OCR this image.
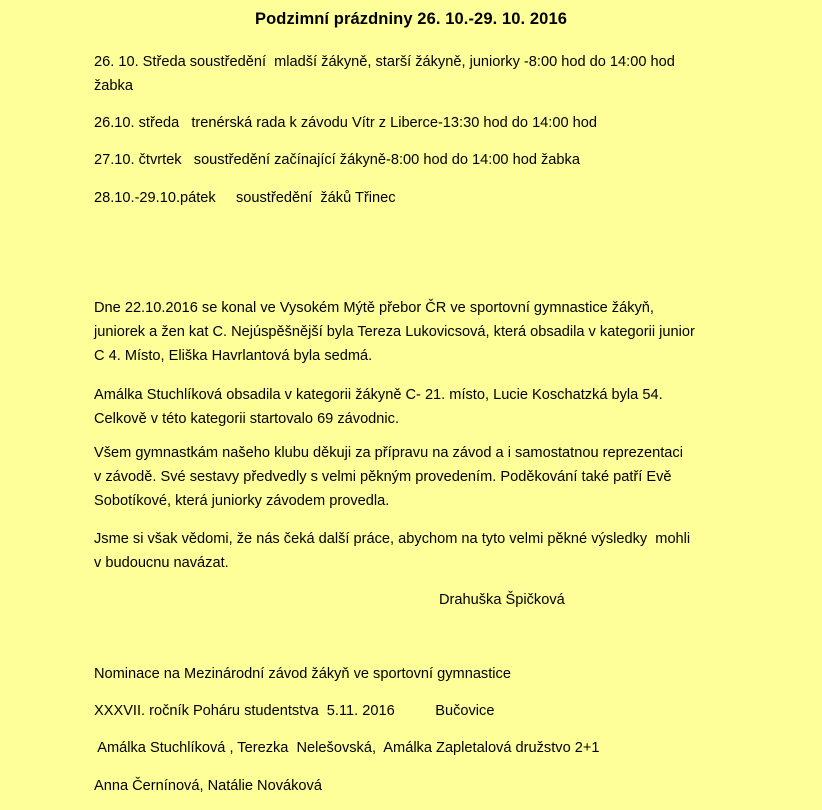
Podzimní prázdniny 26. 10.-29. 10. 2016

26. 10. Středa soustředění  mladší žákyně, starší žákyně, juniorky -8:00 hod do 14:00 hod
žabka

26.10. středa   trenérská rada k závodu Vítr z Liberce-13:30 hod do 14:00 hod

27.10. čtvrtek   soustředění začínající žákyně-8:00 hod do 14:00 hod žabka

28.10.-29.10.pátek     soustředění  žáků Třinec

Dne 22.10.2016 se konal ve Vysokém Mýtě přebor ČR ve sportovní gymnastice žákyň,
juniorek a žen kat C. Nejúspěšnější byla Tereza Lukovicsová, která obsadila v kategorii junior
C 4. Místo, Eliška Havrlantová byla sedmá.

Amálka Stuchlíková obsadila v kategorii žákyně C- 21. místo, Lucie Koschatzká byla 54.
Celkově v této kategorii startovalo 69 závodnic.

Všem gymnastkám našeho klubu děkuji za přípravu na závod a i samostatnou reprezentaci
v závodě. Své sestavy předvedly s velmi pěkným provedením. Poděkování také patří Evě
Sobotíkové, která juniorky závodem provedla.

Jsme si však vědomi, že nás čeká další práce, abychom na tyto velmi pěkné výsledky  mohli
v budoucnu navázat.

Drahuška Špičková

Nominace na Mezinárodní závod žákyň ve sportovní gymnastice

XXXVII. ročník Poháru studentstva  5.11. 2016          Bučovice

Amálka Stuchlíková , Terezka  Nelešovská,  Amálka Zapletalová družstvo 2+1

Anna Černínová, Natálie Nováková
